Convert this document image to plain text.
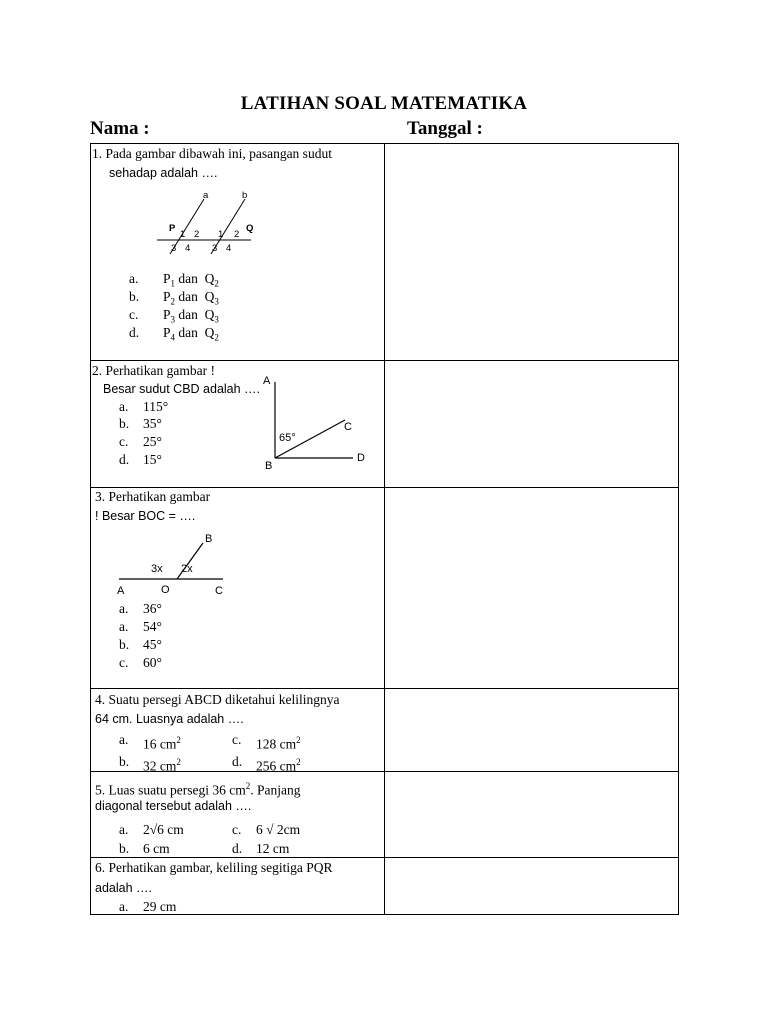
LATIHAN SOAL MATEMATIKA
Nama :	Tanggal :
1. Pada gambar dibawah ini, pasangan sudut
sehadap adalah ….
a	b
P	Q
1 2
3 4
1 2
3 4
a. $P_1$ dan $Q_2$
b. $P_2$ dan $Q_3$
c. $P_3$ dan $Q_3$
d. $P_4$ dan $Q_2$
2. Perhatikan gambar !
Besar sudut CBD adalah ….
a. 115°
b. 35°
c. 25°
d. 15°
A
B
C
D
65°
3. Perhatikan gambar
! Besar BOC = ….
B
3x 2x
A	O	C
a. 36°
a. 54°
b. 45°
c. 60°
4. Suatu persegi ABCD diketahui kelilingnya
64 cm. Luasnya adalah ….
a. 16 $cm^2$	c. 128 $cm^2$
b. 32 $cm^2$	d. 256 $cm^2$
5. Luas suatu persegi 36 $cm^2$. Panjang
diagonal tersebut adalah ….
a. 2√6 cm	c. 6 √ 2cm
b. 6 cm	d. 12 cm
6. Perhatikan gambar, keliling segitiga PQR
adalah ….
a. 29 cm
